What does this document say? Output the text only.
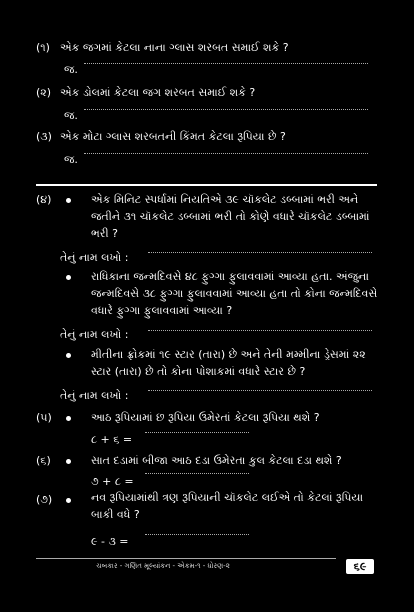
(૧) એક જગમાં કેટલા નાના ગ્લાસ શરબત સમાઈ શકે ?
જ.
(૨) એક ડોલમાં કેટલા જગ શરબત સમાઈ શકે ?
જ.
(૩) એક મોટા ગ્લાસ શરબતની કિંમત કેટલા રૂપિયા છે ?
જ.
(૪)	એક મિનિટ સ્પર્ધામાં નિયતિએ ૩૯ ચૉકલેટ ડબ્બામાં ભરી અને જતીને ૩૧ ચૉકલેટ ડબ્બામાં ભરી તો કોણે વધારે ચૉકલેટ ડબ્બામાં ભરી ?
તેનું નામ લખો :
રાધિકાના જન્મદિવસે ૪૮ ફુગ્ગા ફુલાવવામાં આવ્યા હતા. અંજુના જન્મદિવસે ૩૮ ફુગ્ગા ફુલાવવામાં આવ્યા હતા તો કોના જન્મદિવસે વધારે ફુગ્ગા ફુલાવવામાં આવ્યા ?
તેનું નામ લખો :
મીતીના ફ્રોકમાં ૧૯ સ્ટાર (તારા) છે અને તેની મમ્મીના ડ્રેસમાં ૨૨ સ્ટાર (તારા) છે તો કોના પોશાકમાં વધારે સ્ટાર છે ?
તેનું નામ લખો :
(૫)	આઠ રૂપિયામાં છ રૂપિયા ઉમેરતાં કેટલા રૂપિયા થશે ?
૮ + ૬ =
(૬)	સાત દડામાં બીજા આઠ દડા ઉમેરતા કુલ કેટલા દડા થશે ?
૭ + ૮ =
(૭)	નવ રૂપિયામાંથી ત્રણ રૂપિયાની ચૉકલેટ લઈએ તો કેટલાં રૂપિયા બાકી વધે ?
૯ - ૩ =
ચબકાર - ગણિત મૂલ્યાંકન - એકમ-૧ - ધોરણ-૨	૬૯
